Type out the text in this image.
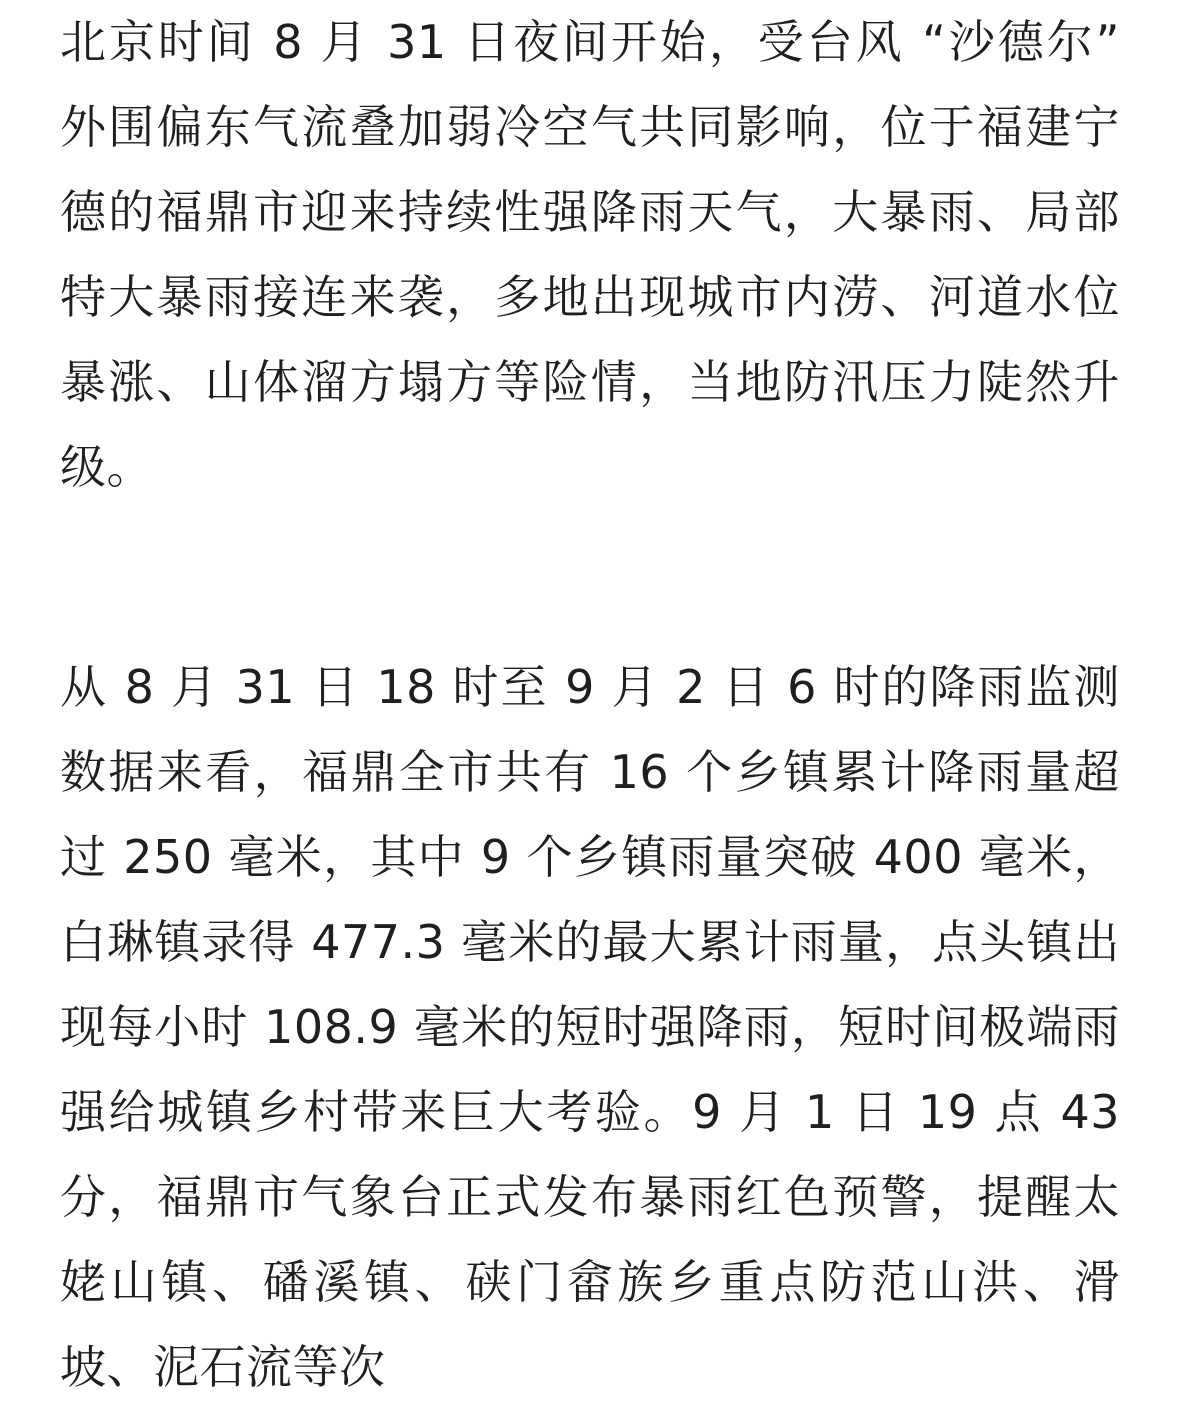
北京时间 8 月 31 日夜间开始，受台风 “沙德尔” 外围偏东气流叠加弱冷空气共同影响，位于福建宁德的福鼎市迎来持续性强降雨天气，大暴雨、局部特大暴雨接连来袭，多地出现城市内涝、河道水位暴涨、山体溜方塌方等险情，当地防汛压力陡然升级。

从 8 月 31 日 18 时至 9 月 2 日 6 时的降雨监测数据来看，福鼎全市共有 16 个乡镇累计降雨量超过 250 毫米，其中 9 个乡镇雨量突破 400 毫米，白琳镇录得 477.3 毫米的最大累计雨量，点头镇出现每小时 108.9 毫米的短时强降雨，短时间极端雨强给城镇乡村带来巨大考验。9 月 1 日 19 点 43 分，福鼎市气象台正式发布暴雨红色预警，提醒太姥山镇、磻溪镇、硖门畲族乡重点防范山洪、滑坡、泥石流等次
